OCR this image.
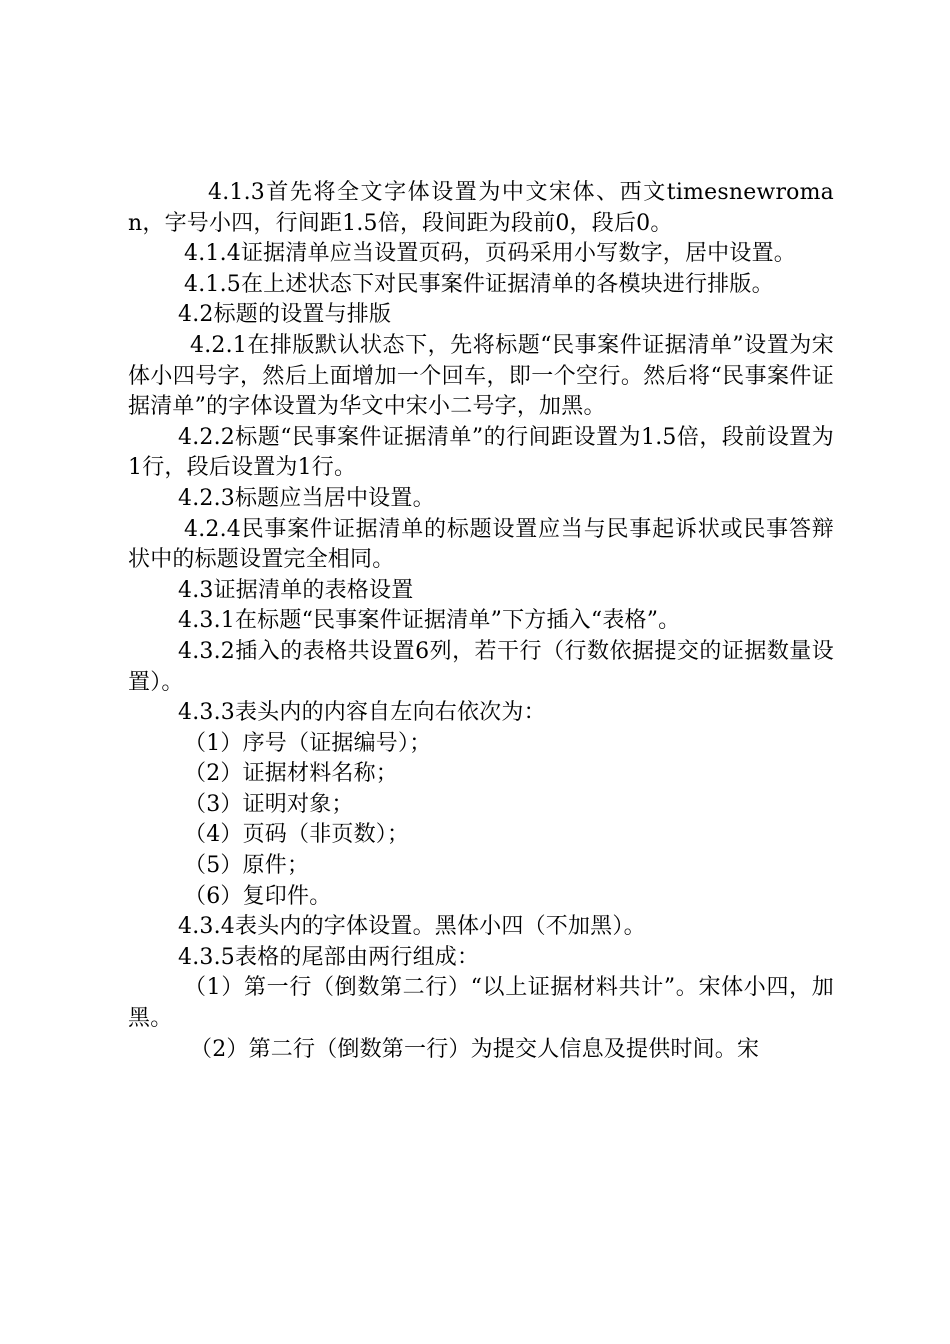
4.1.3首先将全文字体设置为中文宋体、西文timesnewroman，字号小四，行间距1.5倍，段间距为段前0，段后0。

4.1.4证据清单应当设置页码，页码采用小写数字，居中设置。

4.1.5在上述状态下对民事案件证据清单的各模块进行排版。

4.2标题的设置与排版

4.2.1在排版默认状态下，先将标题“民事案件证据清单”设置为宋体小四号字，然后上面增加一个回车，即一个空行。然后将“民事案件证据清单”的字体设置为华文中宋小二号字，加黑。

4.2.2标题“民事案件证据清单”的行间距设置为1.5倍，段前设置为1行，段后设置为1行。

4.2.3标题应当居中设置。

4.2.4民事案件证据清单的标题设置应当与民事起诉状或民事答辩状中的标题设置完全相同。

4.3证据清单的表格设置

4.3.1在标题“民事案件证据清单”下方插入“表格”。

4.3.2插入的表格共设置6列，若干行（行数依据提交的证据数量设置）。

4.3.3表头内的内容自左向右依次为：

（1）序号（证据编号）；

（2）证据材料名称；

（3）证明对象；

（4）页码（非页数）；

（5）原件；

（6）复印件。

4.3.4表头内的字体设置。黑体小四（不加黑）。

4.3.5表格的尾部由两行组成：

（1）第一行（倒数第二行）“以上证据材料共计”。宋体小四，加黑。

（2）第二行（倒数第一行）为提交人信息及提供时间。宋
